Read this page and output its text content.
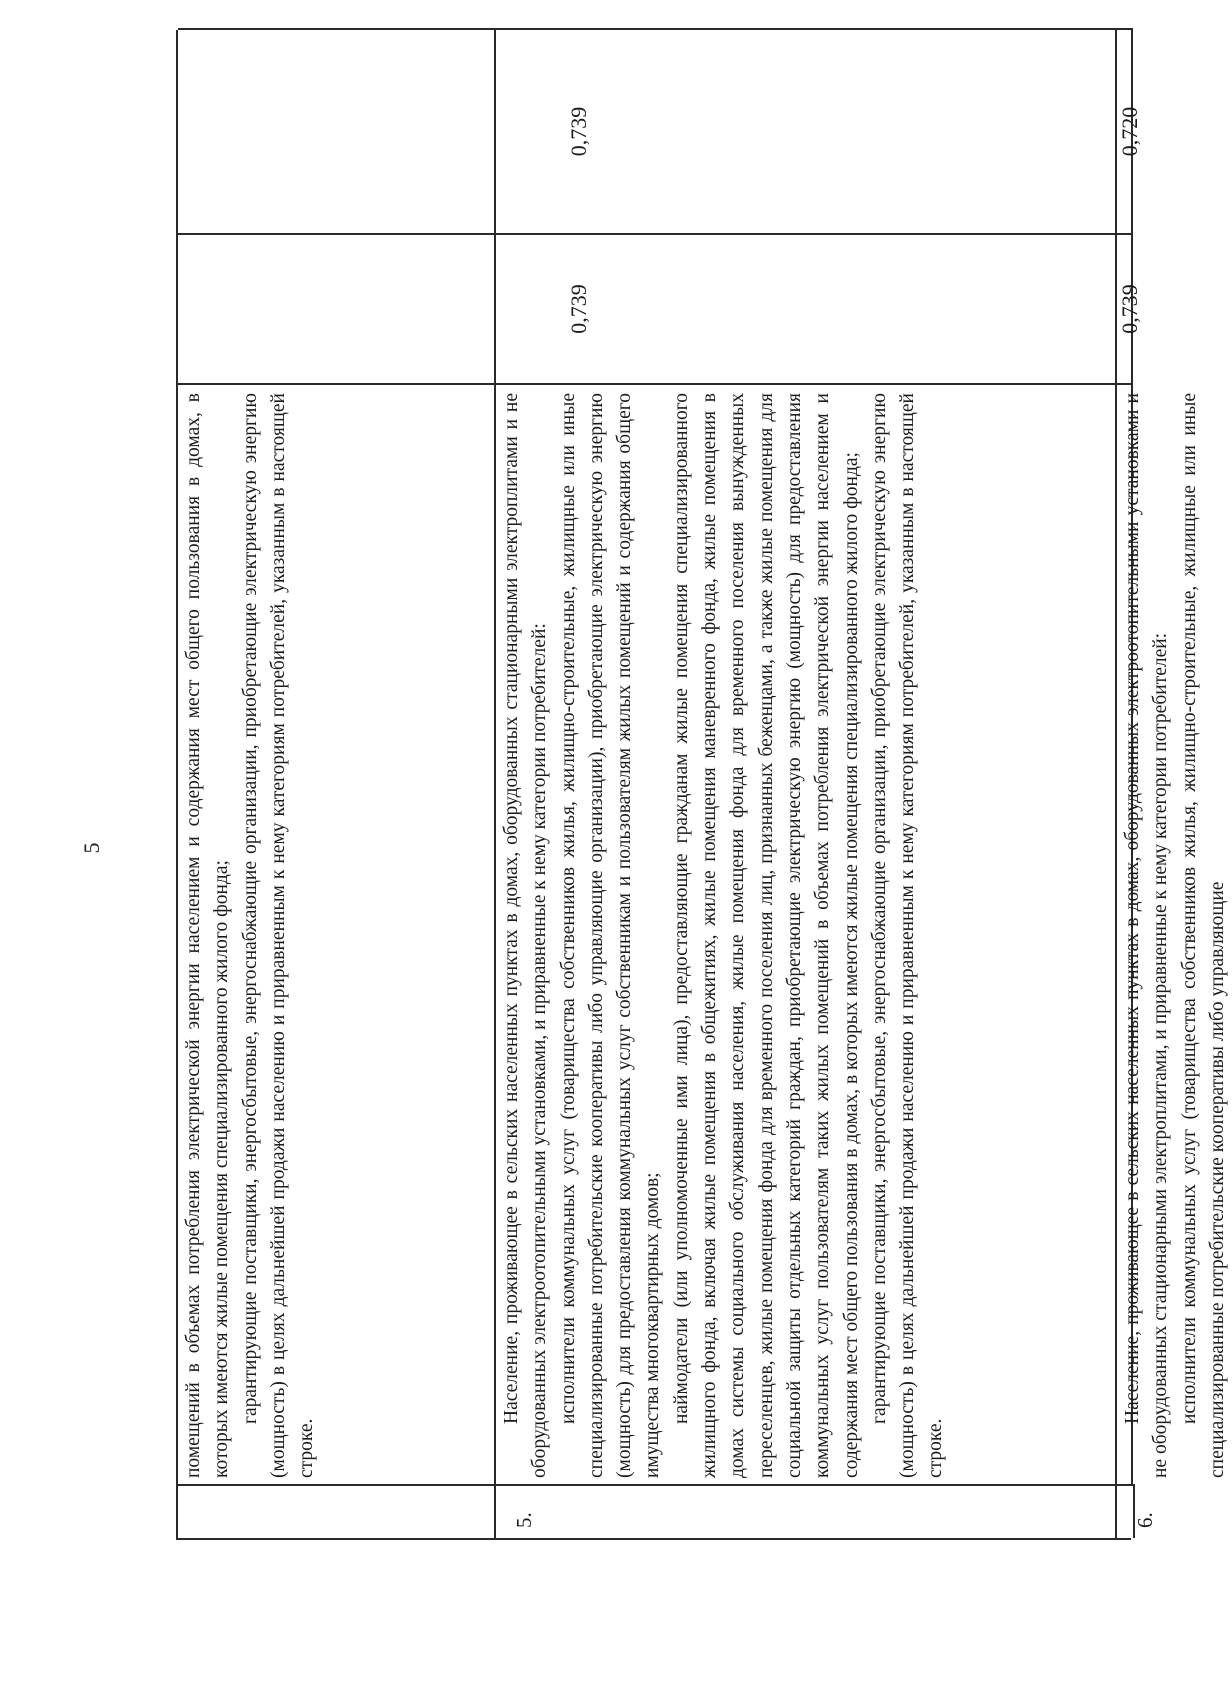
5	помещений в объемах потребления электрической энергии населением и содержания мест общего пользования в домах, в которых имеются жилые помещения специализированного жилого фонда; гарантирующие поставщики, энергосбытовые, энергоснабжающие организации, приобретающие электрическую энергию (мощность) в целях дальнейшей продажи населению и приравненным к нему категориям потребителей, указанным в настоящей строке.

5.

Население, проживающее в сельских населенных пунктах в домах, оборудованных стационарными электроплитами и не оборудованных электроотопительными установками, и приравненные к нему категории потребителей: исполнители коммунальных услуг (товарищества собственников жилья, жилищно-строительные, жилищные или иные специализированные потребительские кооперативы либо управляющие организации), приобретающие электрическую энергию (мощность) для предоставления коммунальных услуг собственникам и пользователям жилых помещений и содержания общего имущества многоквартирных домов; наймодатели (или уполномоченные ими лица), предоставляющие гражданам жилые помещения специализированного жилищного фонда, включая жилые помещения в общежитиях, жилые помещения маневренного фонда, жилые помещения в домах системы социального обслуживания населения, жилые помещения фонда для временного поселения вынужденных переселенцев, жилые помещения фонда для временного поселения лиц, признанных беженцами, а также жилые помещения для социальной защиты отдельных категорий граждан, приобретающие электрическую энергию (мощность) для предоставления коммунальных услуг пользователям таких жилых помещений в объемах потребления электрической энергии населением и содержания мест общего пользования в домах, в которых имеются жилые помещения специализированного жилого фонда; гарантирующие поставщики, энергосбытовые, энергоснабжающие организации, приобретающие электрическую энергию (мощность) в целях дальнейшей продажи населению и приравненным к нему категориям потребителей, указанным в настоящей строке.

0,739
0,739
6.

Население, проживающее в сельских населенных пунктах в домах, оборудованных электроотопительными установками и не оборудованных стационарными электроплитами, и приравненные к нему категории потребителей: исполнители коммунальных услуг (товарищества собственников жилья, жилищно-строительные, жилищные или иные специализированные потребительские кооперативы либо управляющие

0,739
0,720
